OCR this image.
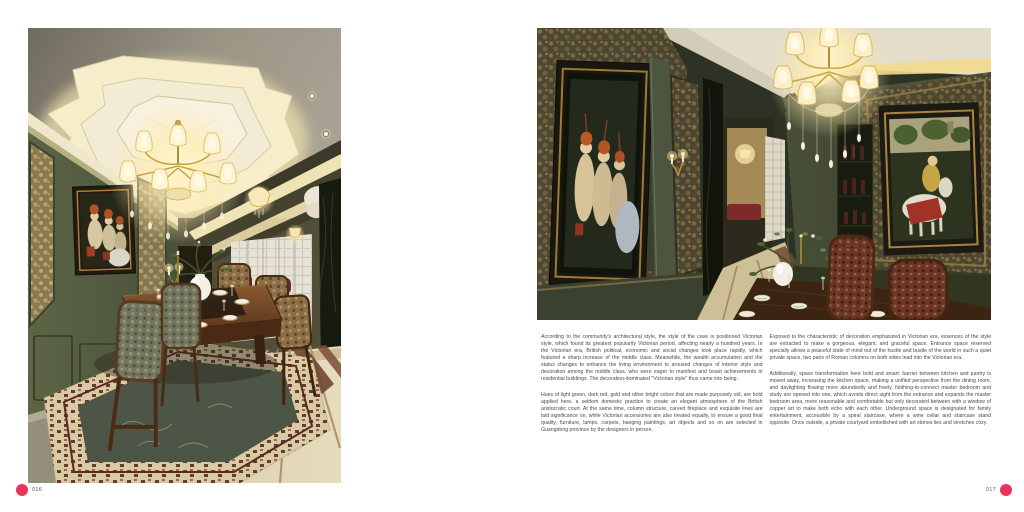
016

According to the community's architectural style, the style of the case is positioned Victorian style, which found its greatest popularity Victorian period, affecting nearly a hundred years. In the Victorian era, British political, economic and social changes took place rapidly, which featured a sharp increase of the middle class. Meanwhile, the wealth accumulation and the status changes to enhance the living environment to aroused changes of interior style and decoration among the middle class, who were eager to manifest and boast achievements in residential buildings. The decoration-dominated "Victorian style" thus came into being.

Hues of light green, dark red, gold and other bright colors that are made purposely old, are bold applied here, a seldom domestic practice to create an elegant atmosphere of the British aristocratic court. At the same time, column structure, carved fireplace and exquisite lines are laid significance on, while Victorian accessories are also treated equally, to ensure a good final quality, furniture, lamps, carpets, hanging paintings, art objects and so on are selected in Guangdong province by the designers in person.

Exposed to the characteristic of decoration emphasized in Victorian era, essences of the style are extracted to make a gorgeous, elegant, and graceful space. Entrance space reserved specially allows a peaceful state of mind out of the hustle and bustle of the world in such a quiet private space, two pairs of Roman columns on both sides lead into the Victorian era.

Additionally, space transformation here bold and smart: barrier between kitchen and pantry is moved away, increasing the kitchen space, making a unified perspective from the dining room, and daylighting flowing more abundantly and freely. Nothing-to-connect master bedroom and study are opened into one, which avoids direct sight from the entrance and expands the master bedroom area, more reasonable and comfortable but only decorated between with a window of copper art to make both echo with each other. Underground space is designated for family entertainment, accessible by a spiral staircase, where a wine cellar and staircase stand opposite. Once outside, a private courtyard embellished with art stones lies and stretches cozy.

017
